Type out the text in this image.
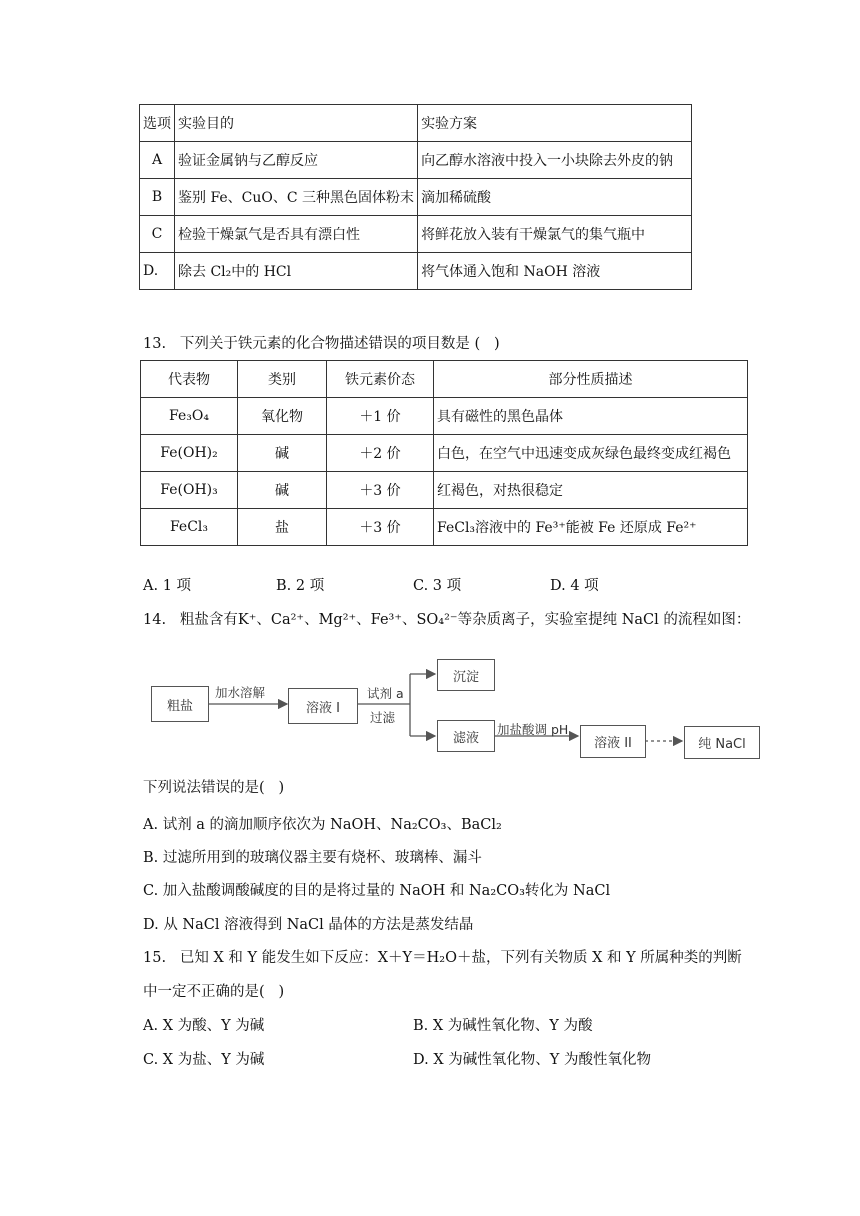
选项	实验目的	实验方案
A	验证金属钠与乙醇反应	向乙醇水溶液中投入一小块除去外皮的钠
B	鉴别 Fe、CuO、C 三种黑色固体粉末	滴加稀硫酸
C	检验干燥氯气是否具有漂白性	将鲜花放入装有干燥氯气的集气瓶中
D.	除去 Cl₂中的 HCl	将气体通入饱和 NaOH 溶液
13.   下列关于铁元素的化合物描述错误的项目数是 (   )
代表物	类别	铁元素价态	部分性质描述
Fe₃O₄	氧化物	＋1 价	具有磁性的黑色晶体
Fe(OH)₂	碱	＋2 价	白色，在空气中迅速变成灰绿色最终变成红褐色
Fe(OH)₃	碱	＋3 价	红褐色，对热很稳定
FeCl₃	盐	＋3 价	FeCl₃溶液中的 Fe³⁺能被 Fe 还原成 Fe²⁺
A. 1 项	B. 2 项	C. 3 项	D. 4 项
14.   粗盐含有K⁺、Ca²⁺、Mg²⁺、Fe³⁺、SO₄²⁻等杂质离子，实验室提纯 NaCl 的流程如图：
粗盐
加水溶解
溶液 I
试剂 a
过滤
沉淀
滤液
加盐酸调 pH
溶液 II	纯 NaCl
下列说法错误的是(   )
A. 试剂 a 的滴加顺序依次为 NaOH、Na₂CO₃、BaCl₂
B. 过滤所用到的玻璃仪器主要有烧杯、玻璃棒、漏斗
C. 加入盐酸调酸碱度的目的是将过量的 NaOH 和 Na₂CO₃转化为 NaCl
D. 从 NaCl 溶液得到 NaCl 晶体的方法是蒸发结晶
15.   已知 X 和 Y 能发生如下反应：X＋Y＝H₂O＋盐，下列有关物质 X 和 Y 所属种类的判断
中一定不正确的是(   )
A. X 为酸、Y 为碱	B. X 为碱性氧化物、Y 为酸
C. X 为盐、Y 为碱	D. X 为碱性氧化物、Y 为酸性氧化物
